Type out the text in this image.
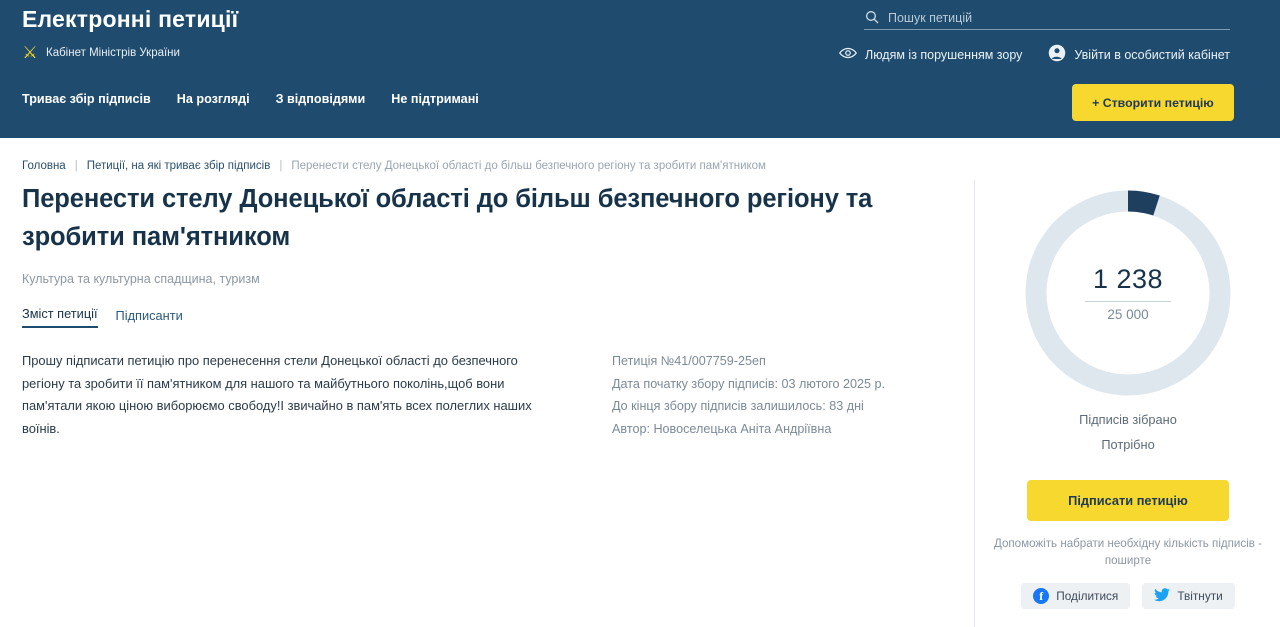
Електронні петиції
⚔ Кабінет Міністрів України
Пошук петицій	Людям із порушенням зору	Увійти в особистий кабінет
Триває збір підписів На розгляді З відповідями Не підтримані	+ Створити петицію
Головна | Петиції, на які триває збір підписів | Перенести стелу Донецької області до більш безпечного регіону та зробити пам'ятником
Перенести стелу Донецької області до більш безпечного регіону та зробити пам'ятником
Культура та культурна спадщина, туризм
Зміст петиції Підписанти
Прошу підписати петицію про перенесення стели Донецької області до безпечного регіону та зробити її пам'ятником для нашого та майбутнього поколінь,щоб вони пам'ятали якою ціною виборюємо свободу!І звичайно в пам'ять всех полеглих наших воїнів.
Петиція №41/007759-25еп
Дата початку збору підписів: 03 лютого 2025 р.
До кінця збору підписів залишилось: 83 дні
Автор: Новоселецька Аніта Андріївна
1 238
25 000
Підписів зібрано
Потрібно
Підписати петицію
Допоможіть набрати необхідну кількість підписів - поширте
f	Поділитися	Твітнути
